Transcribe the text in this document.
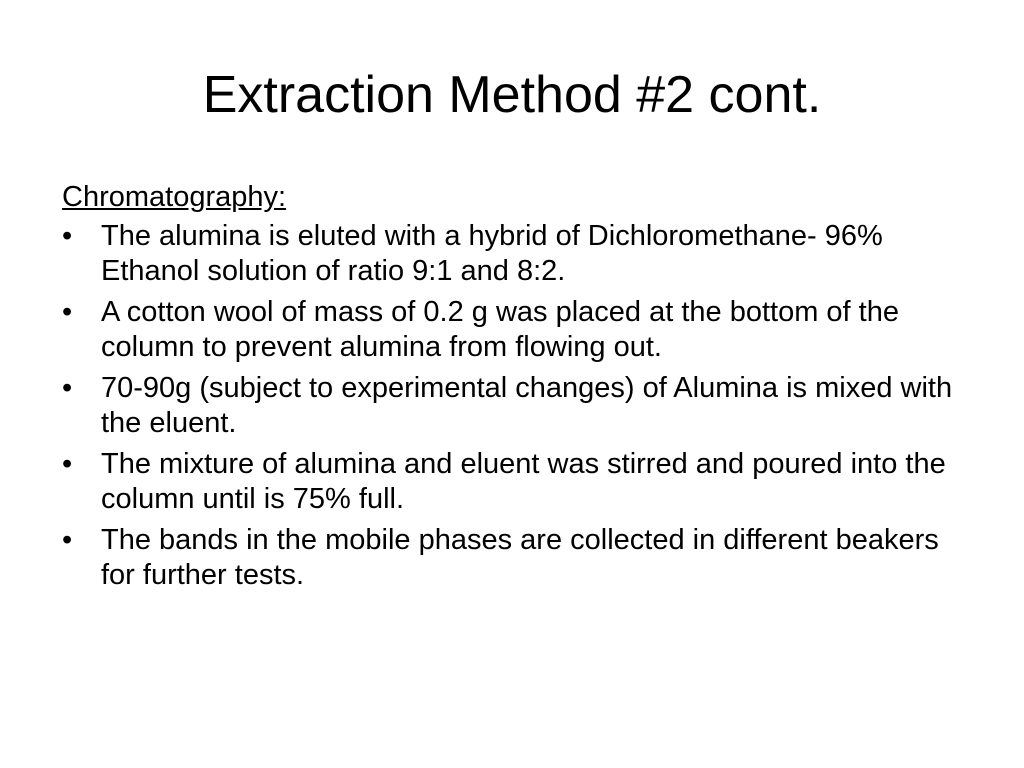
Extraction Method #2 cont.
Chromatography:
• The alumina is eluted with a hybrid of Dichloromethane- 96% Ethanol solution of ratio 9:1 and 8:2.
• A cotton wool of mass of 0.2 g was placed at the bottom of the column to prevent alumina from flowing out.
• 70-90g (subject to experimental changes) of Alumina is mixed with the eluent.
• The mixture of alumina and eluent was stirred and poured into the column until is 75% full.
• The bands in the mobile phases are collected in different beakers for further tests.
